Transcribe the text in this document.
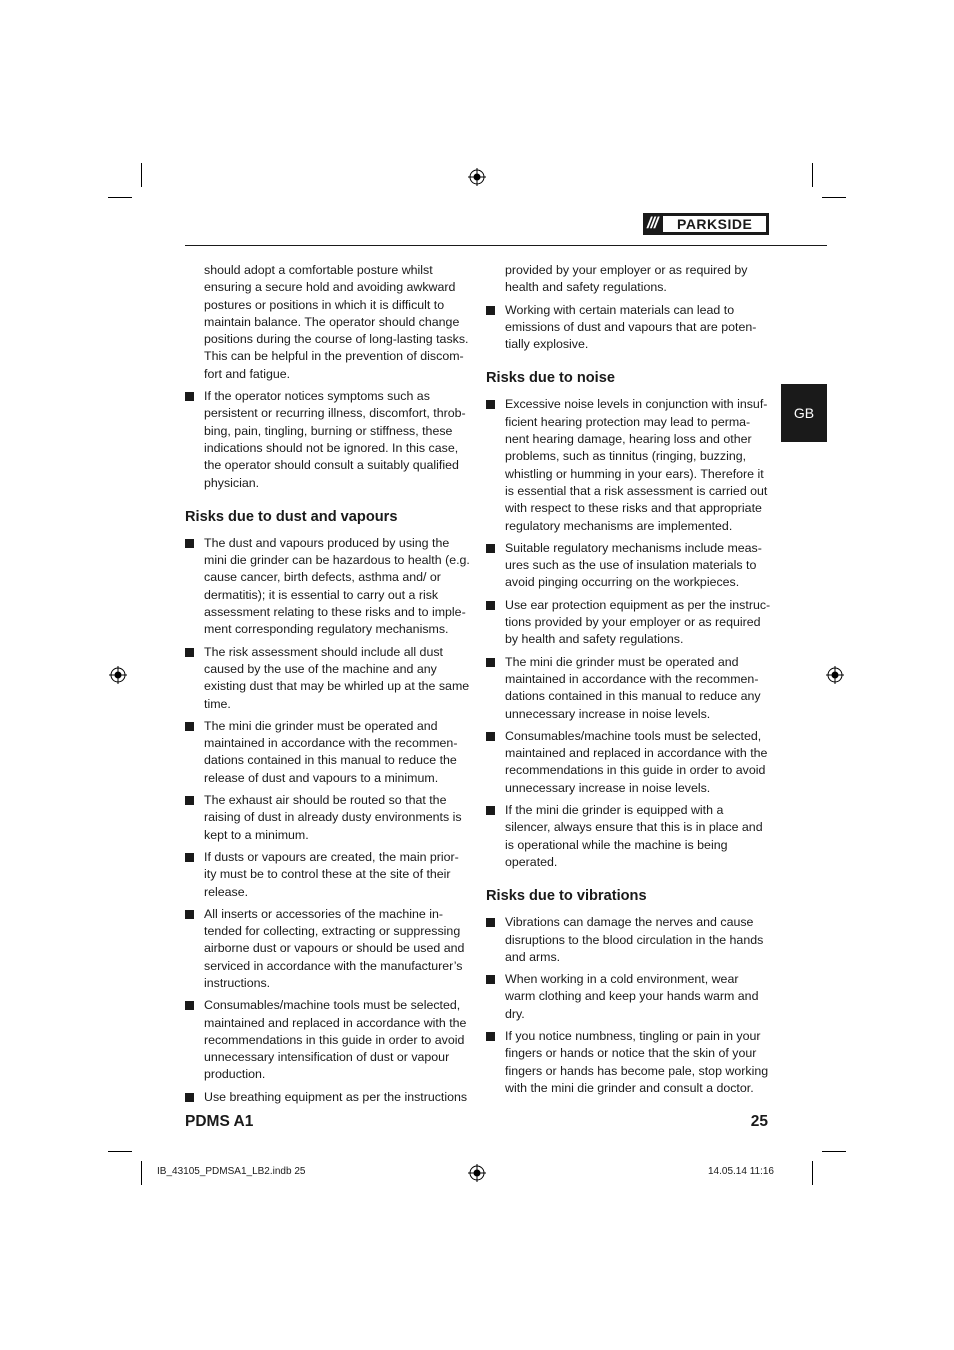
///	PARKSIDE
GB
should adopt a comfortable posture whilst ensuring a secure hold and avoiding awkward postures or positions in which it is difficult to maintain balance. The operator should change positions during the course of long-lasting tasks. This can be helpful in the prevention of discom-fort and fatigue.
If the operator notices symptoms such as persistent or recurring illness, discomfort, throb-bing, pain, tingling, burning or stiffness, these indications should not be ignored. In this case, the operator should consult a suitably qualified physician.
Risks due to dust and vapours
The dust and vapours produced by using the mini die grinder can be hazardous to health (e.g. cause cancer, birth defects, asthma and/ or dermatitis); it is essential to carry out a risk assessment relating to these risks and to imple-ment corresponding regulatory mechanisms.
The risk assessment should include all dust caused by the use of the machine and any existing dust that may be whirled up at the same time.
The mini die grinder must be operated and maintained in accordance with the recommen-dations contained in this manual to reduce the release of dust and vapours to a minimum.
The exhaust air should be routed so that the raising of dust in already dusty environments is kept to a minimum.
If dusts or vapours are created, the main prior-ity must be to control these at the site of their release.
All inserts or accessories of the machine in-tended for collecting, extracting or suppressing airborne dust or vapours or should be used and serviced in accordance with the manufacturer’s instructions.
Consumables/machine tools must be selected, maintained and replaced in accordance with the recommendations in this guide in order to avoid unnecessary intensification of dust or vapour production.
Use breathing equipment as per the instructions
provided by your employer or as required by health and safety regulations.
Working with certain materials can lead to emissions of dust and vapours that are poten-tially explosive.
Risks due to noise
Excessive noise levels in conjunction with insuf-ficient hearing protection may lead to perma-nent hearing damage, hearing loss and other problems, such as tinnitus (ringing, buzzing, whistling or humming in your ears). Therefore it is essential that a risk assessment is carried out with respect to these risks and that appropriate regulatory mechanisms are implemented.
Suitable regulatory mechanisms include meas-ures such as the use of insulation materials to avoid pinging occurring on the workpieces.
Use ear protection equipment as per the instruc-tions provided by your employer or as required by health and safety regulations.
The mini die grinder must be operated and maintained in accordance with the recommen-dations contained in this manual to reduce any unnecessary increase in noise levels.
Consumables/machine tools must be selected, maintained and replaced in accordance with the recommendations in this guide in order to avoid unnecessary increase in noise levels.
If the mini die grinder is equipped with a silencer, always ensure that this is in place and is operational while the machine is being operated.
Risks due to vibrations
Vibrations can damage the nerves and cause disruptions to the blood circulation in the hands and arms.
When working in a cold environment, wear warm clothing and keep your hands warm and dry.
If you notice numbness, tingling or pain in your fingers or hands or notice that the skin of your fingers or hands has become pale, stop working with the mini die grinder and consult a doctor.
PDMS A1	25
IB_43105_PDMSA1_LB2.indb 25	14.05.14 11:16
